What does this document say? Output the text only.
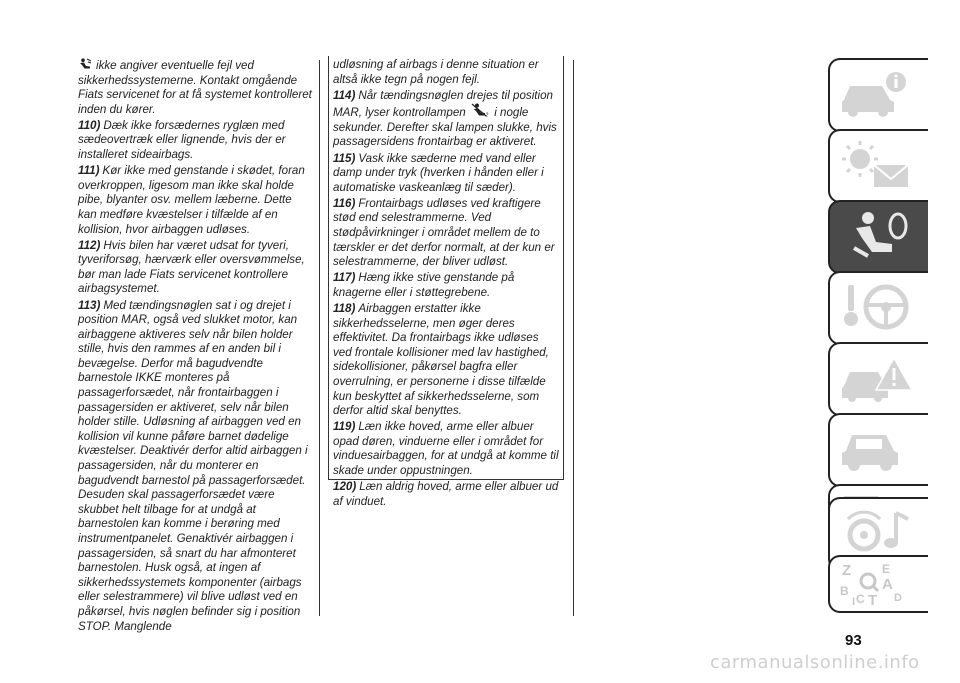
ikke angiver eventuelle fejl ved sikkerhedssystemerne. Kontakt omgående Fiats servicenet for at få systemet kontrolleret inden du kører.

110) Dæk ikke forsædernes ryglæn med sædeovertræk eller lignende, hvis der er installeret sideairbags.

111) Kør ikke med genstande i skødet, foran overkroppen, ligesom man ikke skal holde pibe, blyanter osv. mellem læberne. Dette kan medføre kvæstelser i tilfælde af en kollision, hvor airbaggen udløses.

112) Hvis bilen har været udsat for tyveri, tyveriforsøg, hærværk eller oversvømmelse, bør man lade Fiats servicenet kontrollere airbagsystemet.

113) Med tændingsnøglen sat i og drejet i position MAR, også ved slukket motor, kan airbaggene aktiveres selv når bilen holder stille, hvis den rammes af en anden bil i bevægelse. Derfor må bagudvendte barnestole IKKE monteres på passagerforsædet, når frontairbaggen i passagersiden er aktiveret, selv når bilen holder stille. Udløsning af airbaggen ved en kollision vil kunne påføre barnet dødelige kvæstelser. Deaktivér derfor altid airbaggen i passagersiden, når du monterer en bagudvendt barnestol på passagerforsædet. Desuden skal passagerforsædet være skubbet helt tilbage for at undgå at barnestolen kan komme i berøring med instrumentpanelet. Genaktivér airbaggen i passagersiden, så snart du har afmonteret barnestolen. Husk også, at ingen af sikkerhedssystemets komponenter (airbags eller selestrammere) vil blive udløst ved en påkørsel, hvis nøglen befinder sig i position STOP. Manglende

udløsning af airbags i denne situation er altså ikke tegn på nogen fejl.

114) Når tændingsnøglen drejes til position MAR, lyser kontrollampen	2 i nogle sekunder. Derefter skal lampen slukke, hvis passagersidens frontairbag er aktiveret.

115) Vask ikke sæderne med vand eller damp under tryk (hverken i hånden eller i automatiske vaskeanlæg til sæder).

116) Frontairbags udløses ved kraftigere stød end selestrammerne. Ved stødpåvirkninger i området mellem de to tærskler er det derfor normalt, at der kun er selestrammerne, der bliver udløst.

117) Hæng ikke stive genstande på knagerne eller i støttegrebene.

118) Airbaggen erstatter ikke sikkerhedsselerne, men øger deres effektivitet. Da frontairbags ikke udløses ved frontale kollisioner med lav hastighed, sidekollisioner, påkørsel bagfra eller overrulning, er personerne i disse tilfælde kun beskyttet af sikkerhedsselerne, som derfor altid skal benyttes.

119) Læn ikke hoved, arme eller albuer opad døren, vinduerne eller i området for vinduesairbaggen, for at undgå at komme til skade under oppustningen.

120) Læn aldrig hoved, arme eller albuer ud af vinduet.

Z	E
B A
C T D
I
93
carmanualsonline.info
